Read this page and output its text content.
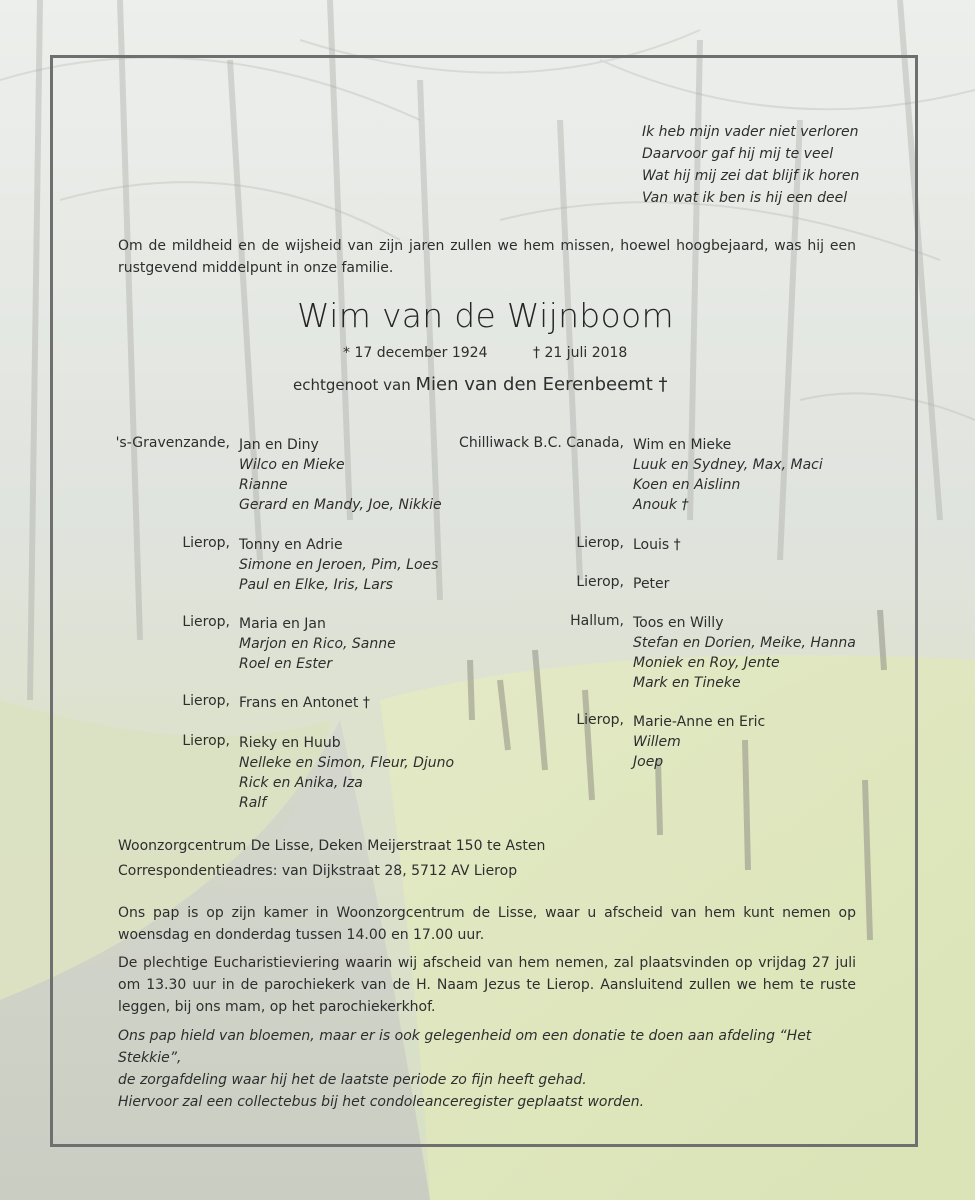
Ik heb mijn vader niet verloren
Daarvoor gaf hij mij te veel
Wat hij mij zei dat blijf ik horen
Van wat ik ben is hij een deel
Om de mildheid en de wijsheid van zijn jaren zullen we hem missen, hoewel hoogbejaard, was hij een rustgevend middelpunt in onze familie.
Wim van de Wijnboom
* 17 december 1924	† 21 juli 2018
echtgenoot van Mien van den Eerenbeemt †
's-Gravenzande, Jan en Diny
Wilco en Mieke
Rianne
Gerard en Mandy, Joe, Nikkie
Lierop, Tonny en Adrie
Simone en Jeroen, Pim, Loes
Paul en Elke, Iris, Lars
Lierop, Maria en Jan
Marjon en Rico, Sanne
Roel en Ester
Lierop, Frans en Antonet †
Lierop, Rieky en Huub
Nelleke en Simon, Fleur, Djuno
Rick en Anika, Iza
Ralf
Chilliwack B.C. Canada, Wim en Mieke
Luuk en Sydney, Max, Maci
Koen en Aislinn
Anouk †
Lierop, Louis †
Lierop, Peter
Hallum, Toos en Willy
Stefan en Dorien, Meike, Hanna
Moniek en Roy, Jente
Mark en Tineke
Lierop, Marie-Anne en Eric
Willem
Joep
Woonzorgcentrum De Lisse, Deken Meijerstraat 150 te Asten
Correspondentieadres: van Dijkstraat 28, 5712 AV Lierop
Ons pap is op zijn kamer in Woonzorgcentrum de Lisse, waar u afscheid van hem kunt nemen op woensdag en donderdag tussen 14.00 en 17.00 uur.
De plechtige Eucharistieviering waarin wij afscheid van hem nemen, zal plaatsvinden op vrijdag 27 juli om 13.30 uur in de parochiekerk van de H. Naam Jezus te Lierop. Aansluitend zullen we hem te ruste leggen, bij ons mam, op het parochiekerkhof.
Ons pap hield van bloemen, maar er is ook gelegenheid om een donatie te doen aan afdeling “Het Stekkie”,
de zorgafdeling waar hij het de laatste periode zo fijn heeft gehad.
Hiervoor zal een collectebus bij het condoleanceregister geplaatst worden.
